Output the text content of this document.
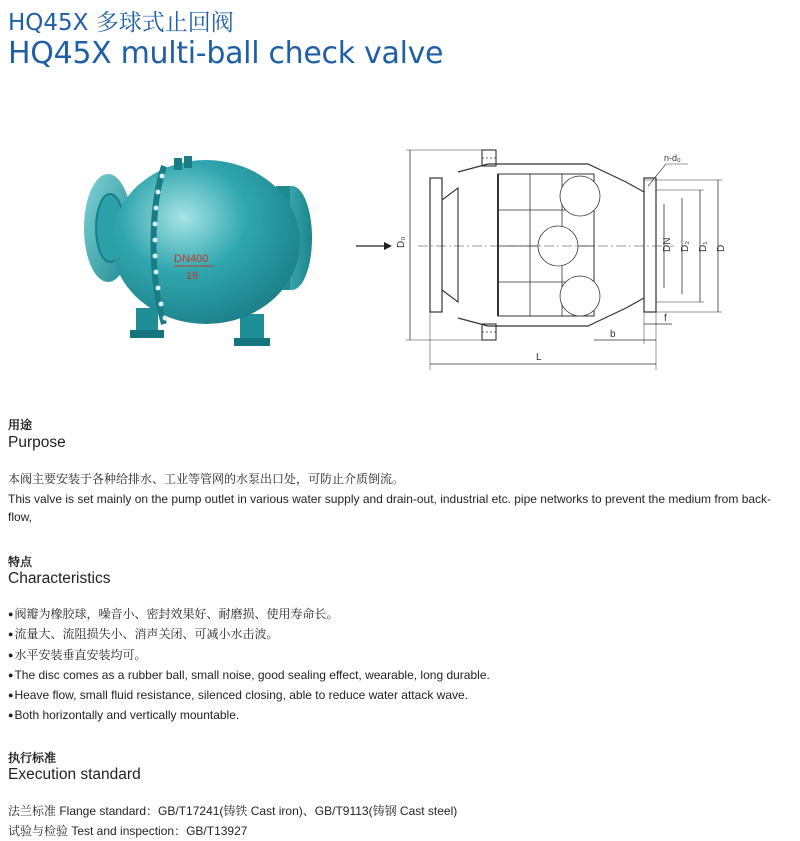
HQ45X 多球式止回阀
HQ45X multi-ball check valve
DN400
16
D₀	DN D₂ D₁ D
n-d₀
b
f
L
用途
Purpose
本阀主要安装于各种给排水、工业等管网的水泵出口处，可防止介质倒流。
This valve is set mainly on the pump outlet in various water supply and drain-out, industrial etc. pipe networks to prevent the medium from back-flow,
特点
Characteristics
● 阀瓣为橡胶球，噪音小、密封效果好、耐磨损、使用寿命长。
● 流量大、流阻损失小、消声关闭、可减小水击波。
● 水平安装垂直安装均可。
● The disc comes as a rubber ball, small noise, good sealing effect, wearable, long durable.
● Heave flow, small fluid resistance, silenced closing, able to reduce water attack wave.
● Both horizontally and vertically mountable.
执行标准
Execution standard
法兰标准 Flange standard：GB/T17241(铸铁 Cast iron)、GB/T9113(铸钢 Cast steel)
试验与检验 Test and inspection：GB/T13927
